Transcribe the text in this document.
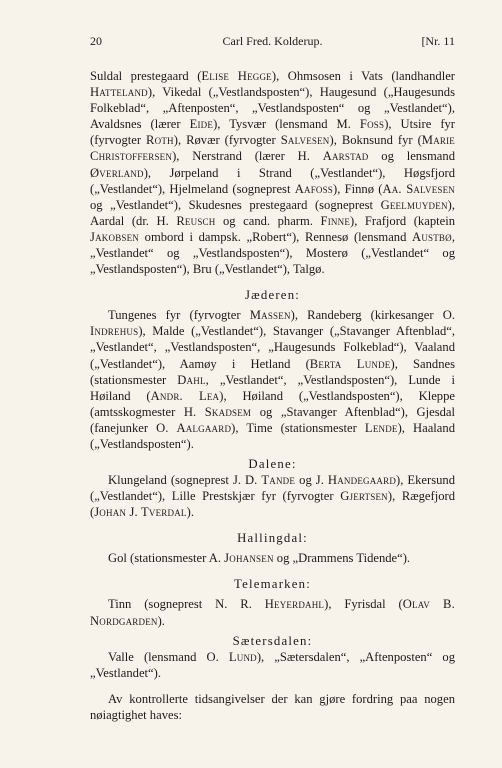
20	Carl Fred. Kolderup.	[Nr. 11

Suldal prestegaard (Elise Hegge), Ohmsosen i Vats (landhandler Hatteland), Vikedal („Vestlandsposten“), Haugesund („Haugesunds Folkeblad“, „Aftenposten“, „Vestlandsposten“ og „Vestlandet“), Avaldsnes (lærer Eide), Tysvær (lensmand M. Foss), Utsire fyr (fyrvogter Roth), Røvær (fyrvogter Salvesen), Boknsund fyr (Marie Christoffersen), Nerstrand (lærer H. Aarstad og lensmand Øverland), Jørpeland i Strand („Vestlandet“), Høgsfjord („Vestlandet“), Hjelmeland (sogneprest Aafoss), Finnø (Aa. Salvesen og „Vestlandet“), Skudesnes prestegaard (sogneprest Geelmuyden), Aardal (dr. H. Reusch og cand. pharm. Finne), Frafjord (kaptein Jakobsen ombord i dampsk. „Robert“), Rennesø (lensmand Austbø, „Vestlandet“ og „Vestlandsposten“), Mosterø („Vestlandet“ og „Vestlandsposten“), Bru („Vestlandet“), Talgø.

Jæderen:

Tungenes fyr (fyrvogter Massen), Randeberg (kirkesanger O. Indrehus), Malde („Vestlandet“), Stavanger („Stavanger Aftenblad“, „Vestlandet“, „Vestlandsposten“, „Haugesunds Folkeblad“), Vaaland („Vestlandet“), Aamøy i Hetland (Berta Lunde), Sandnes (stationsmester Dahl, „Vestlandet“, „Vestlandsposten“), Lunde i Høiland (Andr. Lea), Høiland („Vestlandsposten“), Kleppe (amtsskogmester H. Skadsem og „Stavanger Aftenblad“), Gjesdal (fanejunker O. Aalgaard), Time (stationsmester Lende), Haaland („Vestlandsposten“).

Dalene:

Klungeland (sogneprest J. D. Tande og J. Handegaard), Ekersund („Vestlandet“), Lille Prestskjær fyr (fyrvogter Gjertsen), Rægefjord (Johan J. Tverdal).

Hallingdal:

Gol (stationsmester A. Johansen og „Drammens Tidende“).

Telemarken:

Tinn (sogneprest N. R. Heyerdahl), Fyrisdal (Olav B. Nordgarden).

Sætersdalen:

Valle (lensmand O. Lund), „Sætersdalen“, „Aftenposten“ og „Vestlandet“).

Av kontrollerte tidsangivelser der kan gjøre fordring paa nogen nøiagtighet haves:
